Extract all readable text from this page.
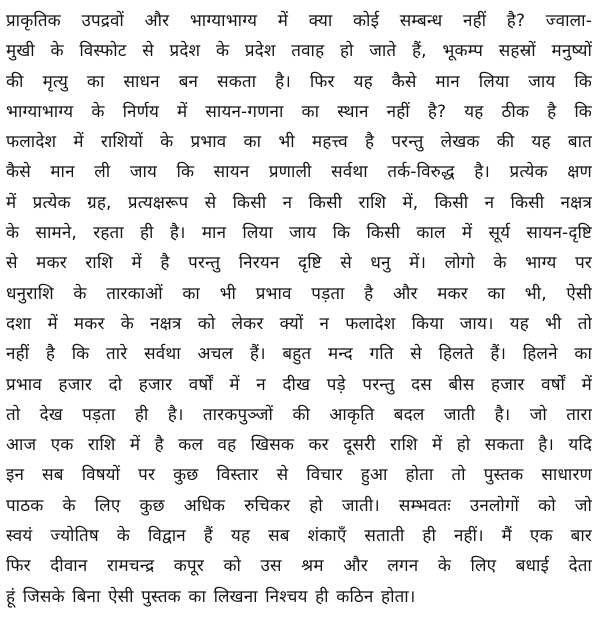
प्राकृतिक उपद्रवों और भाग्याभाग्य में क्या कोई सम्बन्ध नहीं है? ज्वाला-
मुखी के विस्फोट से प्रदेश के प्रदेश तवाह हो जाते हैं, भूकम्प सहस्रों मनुष्यों
की मृत्यु का साधन बन सकता है। फिर यह कैसे मान लिया जाय कि
भाग्याभाग्य के निर्णय में सायन-गणना का स्थान नहीं है? यह ठीक है कि
फलादेश में राशियों के प्रभाव का भी महत्त्व है परन्तु लेखक की यह बात
कैसे मान ली जाय कि सायन प्रणाली सर्वथा तर्क-विरुद्ध है। प्रत्येक क्षण
में प्रत्येक ग्रह, प्रत्यक्षरूप से किसी न किसी राशि में, किसी न किसी नक्षत्र
के सामने, रहता ही है। मान लिया जाय कि किसी काल में सूर्य सायन-दृष्टि
से मकर राशि में है परन्तु निरयन दृष्टि से धनु में। लोगो के भाग्य पर
धनुराशि के तारकाओं का भी प्रभाव पड़ता है और मकर का भी, ऐसी
दशा में मकर के नक्षत्र को लेकर क्यों न फलादेश किया जाय। यह भी तो
नहीं है कि तारे सर्वथा अचल हैं। बहुत मन्द गति से हिलते हैं। हिलने का
प्रभाव हजार दो हजार वर्षों में न दीख पड़े परन्तु दस बीस हजार वर्षों में
तो देख पड़ता ही है। तारकपुञ्जों की आकृति बदल जाती है। जो तारा
आज एक राशि में है कल वह खिसक कर दूसरी राशि में हो सकता है। यदि
इन सब विषयों पर कुछ विस्तार से विचार हुआ होता तो पुस्तक साधारण
पाठक के लिए कुछ अधिक रुचिकर हो जाती। सम्भवतः उनलोगों को जो
स्वयं ज्योतिष के विद्वान हैं यह सब शंकाएँ सताती ही नहीं। मैं एक बार
फिर दीवान रामचन्द्र कपूर को उस श्रम और लगन के लिए बधाई देता
हूं जिसके बिना ऐसी पुस्तक का लिखना निश्चय ही कठिन होता।
